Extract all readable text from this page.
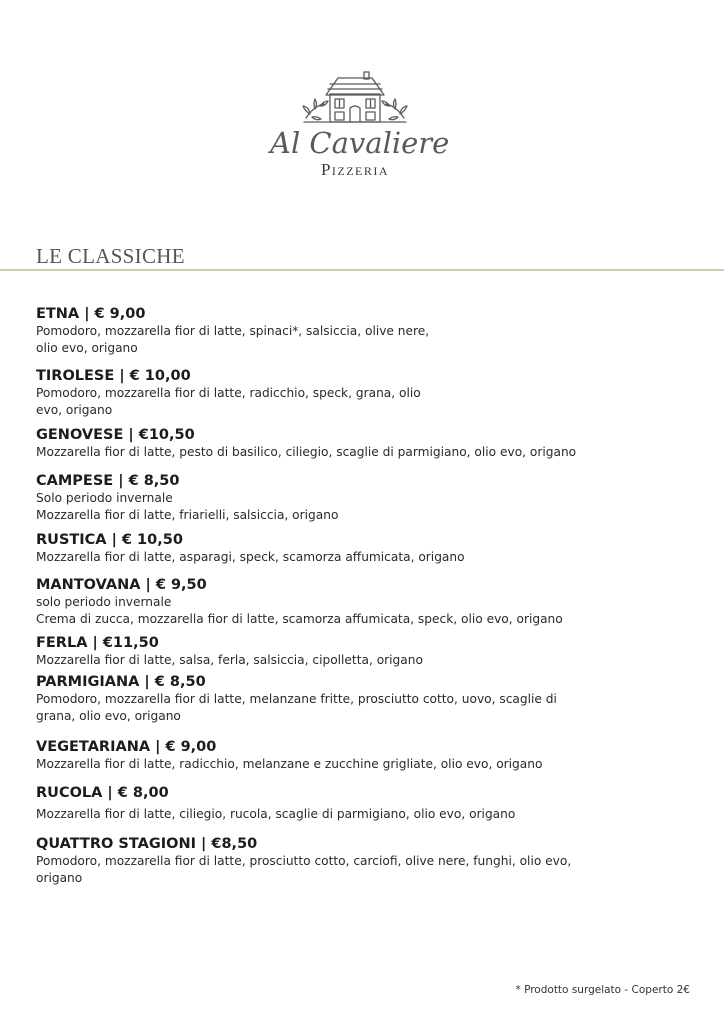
Al Cavaliere
Pizzeria
LE CLASSICHE
ETNA | € 9,00
Pomodoro, mozzarella fior di latte, spinaci*, salsiccia, olive nere,
olio evo, origano
TIROLESE | € 10,00
Pomodoro, mozzarella fior di latte, radicchio, speck, grana, olio
evo, origano
GENOVESE | €10,50
Mozzarella fior di latte, pesto di basilico, ciliegio, scaglie di parmigiano, olio evo, origano
CAMPESE | € 8,50
Solo periodo invernale
Mozzarella fior di latte, friarielli, salsiccia, origano
RUSTICA | € 10,50
Mozzarella fior di latte, asparagi, speck, scamorza affumicata, origano
MANTOVANA | € 9,50
solo periodo invernale
Crema di zucca, mozzarella fior di latte, scamorza affumicata, speck, olio evo, origano
FERLA | €11,50
Mozzarella fior di latte, salsa, ferla, salsiccia, cipolletta, origano
PARMIGIANA | € 8,50
Pomodoro, mozzarella fior di latte, melanzane fritte, prosciutto cotto, uovo, scaglie di
grana, olio evo, origano
VEGETARIANA | € 9,00
Mozzarella fior di latte, radicchio, melanzane e zucchine grigliate, olio evo, origano
RUCOLA | € 8,00
Mozzarella fior di latte, ciliegio, rucola, scaglie di parmigiano, olio evo, origano
QUATTRO STAGIONI | €8,50
Pomodoro, mozzarella fior di latte, prosciutto cotto, carciofi, olive nere, funghi, olio evo,
origano
* Prodotto surgelato - Coperto 2€
